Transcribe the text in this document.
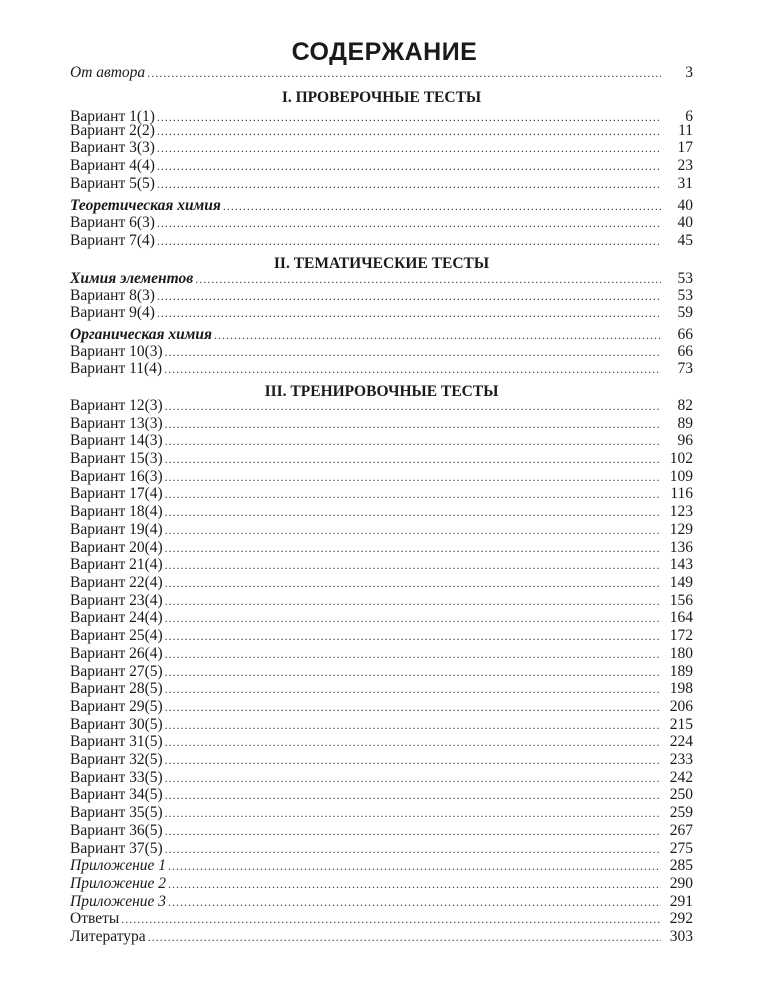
СОДЕРЖАНИЕ
От автора .....	3
I. ПРОВЕРОЧНЫЕ ТЕСТЫ
Вариант 1(1) .....	6
Вариант 2(2) .....	11
Вариант 3(3) .....	17
Вариант 4(4) .....	23
Вариант 5(5) .....	31
Теоретическая химия .....	40
Вариант 6(3) .....	40
Вариант 7(4) .....	45
II. ТЕМАТИЧЕСКИЕ ТЕСТЫ
Химия элементов .....	53
Вариант 8(3) .....	53
Вариант 9(4) .....	59
Органическая химия .....	66
Вариант 10(3) .....	66
Вариант 11(4) .....	73
III. ТРЕНИРОВОЧНЫЕ ТЕСТЫ
Вариант 12(3) .....	82
Вариант 13(3) .....	89
Вариант 14(3) .....	96
Вариант 15(3) .....	102
Вариант 16(3) .....	109
Вариант 17(4) .....	116
Вариант 18(4) .....	123
Вариант 19(4) .....	129
Вариант 20(4) .....	136
Вариант 21(4) .....	143
Вариант 22(4) .....	149
Вариант 23(4) .....	156
Вариант 24(4) .....	164
Вариант 25(4) .....	172
Вариант 26(4) .....	180
Вариант 27(5) .....	189
Вариант 28(5) .....	198
Вариант 29(5) .....	206
Вариант 30(5) .....	215
Вариант 31(5) .....	224
Вариант 32(5) .....	233
Вариант 33(5) .....	242
Вариант 34(5) .....	250
Вариант 35(5) .....	259
Вариант 36(5) .....	267
Вариант 37(5) .....	275
Приложение 1 .....	285
Приложение 2 .....	290
Приложение 3 .....	291
Ответы .....	292
Литература .....	303
